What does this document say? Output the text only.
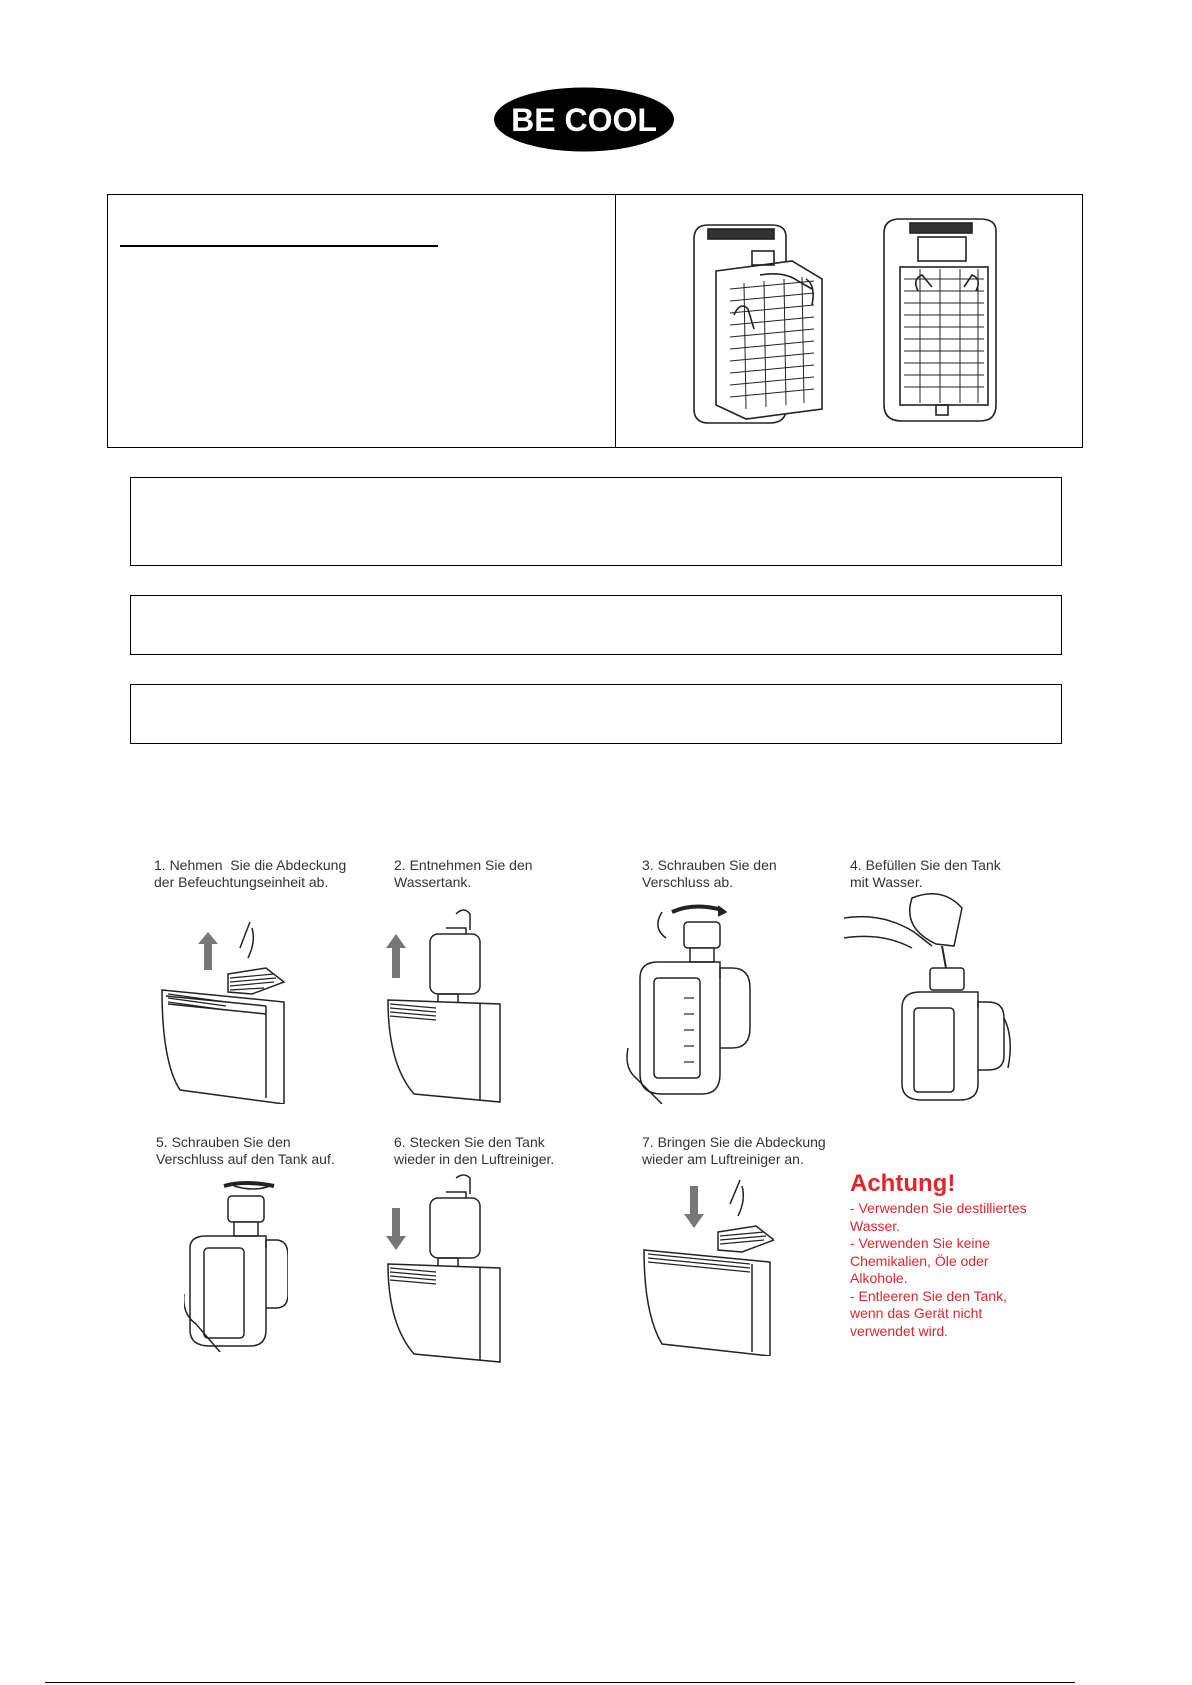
BE COOL
1. Nehmen  Sie die Abdeckung
der Befeuchtungseinheit ab.
2. Entnehmen Sie den
Wassertank.
3. Schrauben Sie den
Verschluss ab.
4. Befüllen Sie den Tank
mit Wasser.
5. Schrauben Sie den
Verschluss auf den Tank auf.
6. Stecken Sie den Tank
wieder in den Luftreiniger.
7. Bringen Sie die Abdeckung
wieder am Luftreiniger an.
Achtung!
- Verwenden Sie destilliertes
Wasser.
- Verwenden Sie keine
Chemikalien, Öle oder
Alkohole.
- Entleeren Sie den Tank,
wenn das Gerät nicht
verwendet wird.
